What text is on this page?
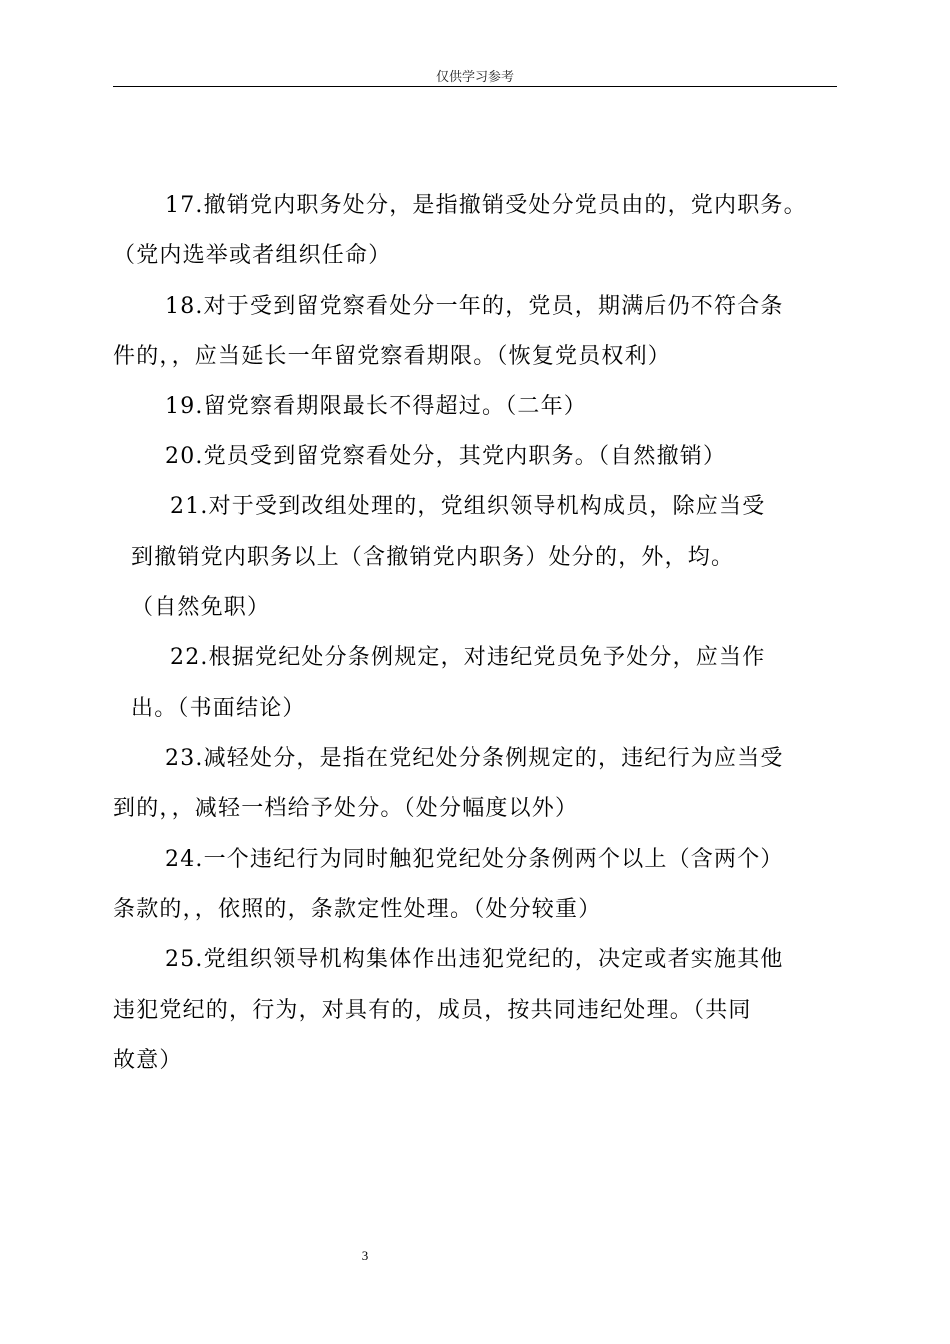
仅供学习参考
17.撤销党内职务处分，是指撤销受处分党员由的，党内职务。
（党内选举或者组织任命）
18.对于受到留党察看处分一年的，党员，期满后仍不符合条
件的，，应当延长一年留党察看期限。（恢复党员权利）
19.留党察看期限最长不得超过。（二年）
20.党员受到留党察看处分，其党内职务。（自然撤销）
21.对于受到改组处理的，党组织领导机构成员，除应当受
到撤销党内职务以上（含撤销党内职务）处分的，外，均。
（自然免职）
22.根据党纪处分条例规定，对违纪党员免予处分，应当作
出。（书面结论）
23.减轻处分，是指在党纪处分条例规定的，违纪行为应当受
到的，，减轻一档给予处分。（处分幅度以外）
24.一个违纪行为同时触犯党纪处分条例两个以上（含两个）
条款的，，依照的，条款定性处理。（处分较重）
25.党组织领导机构集体作出违犯党纪的，决定或者实施其他
违犯党纪的，行为，对具有的，成员，按共同违纪处理。（共同
故意）
3
